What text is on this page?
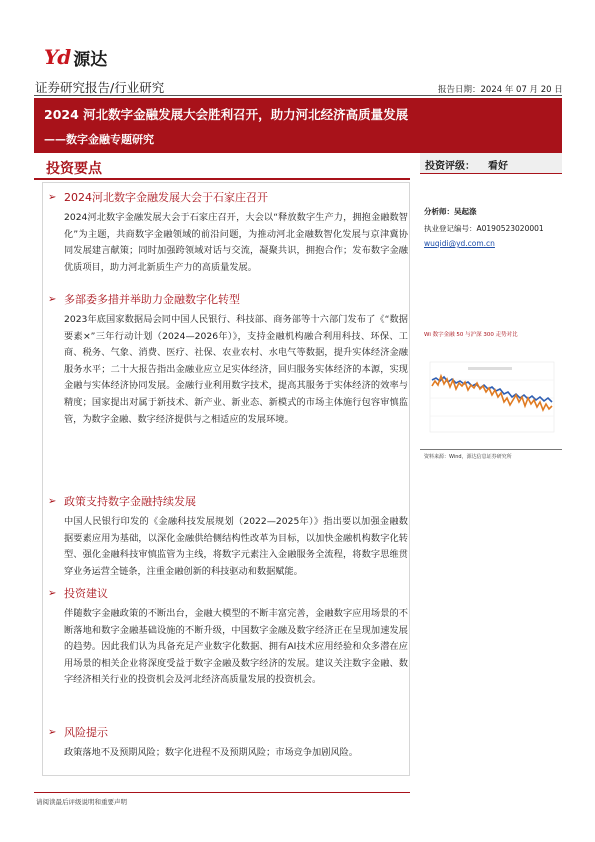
Yd 源达
证券研究报告/行业研究	报告日期：2024 年 07 月 20 日
2024 河北数字金融发展大会胜利召开，助力河北经济高质量发展
——数字金融专题研究
投资要点
➢ 2024河北数字金融发展大会于石家庄召开
2024河北数字金融发展大会于石家庄召开，大会以“释放数字生产力，拥抱金融数智化”为主题，共商数字金融领域的前沿问题，为推动河北金融数智化发展与京津冀协同发展建言献策；同时加强跨领域对话与交流，凝聚共识，拥抱合作；发布数字金融优质项目，助力河北新质生产力的高质量发展。
➢ 多部委多措并举助力金融数字化转型
2023年底国家数据局会同中国人民银行、科技部、商务部等十六部门发布了《“数据要素×”三年行动计划（2024—2026年）》，支持金融机构融合利用科技、环保、工商、税务、气象、消费、医疗、社保、农业农村、水电气等数据，提升实体经济金融服务水平；二十大报告指出金融业应立足实体经济，回归服务实体经济的本源，实现金融与实体经济协同发展。金融行业利用数字技术，提高其服务于实体经济的效率与精度；国家提出对属于新技术、新产业、新业态、新模式的市场主体施行包容审慎监管，为数字金融、数字经济提供与之相适应的发展环境。
➢ 政策支持数字金融持续发展
中国人民银行印发的《金融科技发展规划（2022—2025年）》指出要以加强金融数据要素应用为基础，以深化金融供给侧结构性改革为目标，以加快金融机构数字化转型、强化金融科技审慎监管为主线，将数字元素注入金融服务全流程，将数字思维贯穿业务运营全链条，注重金融创新的科技驱动和数据赋能。
➢ 投资建议
伴随数字金融政策的不断出台，金融大模型的不断丰富完善，金融数字应用场景的不断落地和数字金融基础设施的不断升级，中国数字金融及数字经济正在呈现加速发展的趋势。因此我们认为具备充足产业数字化数据、拥有AI技术应用经验和众多潜在应用场景的相关企业将深度受益于数字金融及数字经济的发展。建议关注数字金融、数字经济相关行业的投资机会及河北经济高质量发展的投资机会。
➢ 风险提示
政策落地不及预期风险；数字化进程不及预期风险；市场竞争加剧风险。
投资评级： 看好
分析师：吴起涤
执业登记编号：A0190523020001
wuqidi@yd.com.cn
Wi 数字金融 50 与沪深 300 走势对比
资料来源：Wind，源达信息证券研究所
请阅读最后评级说明和重要声明
